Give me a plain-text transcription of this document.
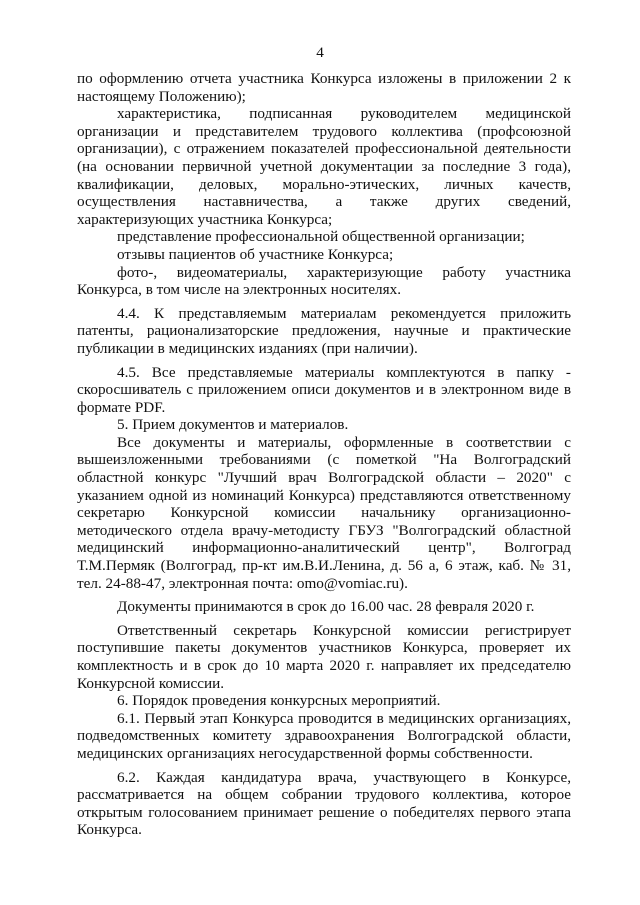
4

по оформлению отчета участника Конкурса изложены в приложении 2 к настоящему Положению);

характеристика, подписанная руководителем медицинской организации и представителем трудового коллектива (профсоюзной организации), с отражением показателей профессиональной деятельности (на основании первичной учетной документации за последние 3 года), квалификации, деловых, морально-этических, личных качеств, осуществления наставничества, а также других сведений, характеризующих участника Конкурса;

представление профессиональной общественной организации;

отзывы пациентов об участнике Конкурса;

фото-, видеоматериалы, характеризующие работу участника Конкурса, в том числе на электронных носителях.

4.4. К представляемым материалам рекомендуется приложить патенты, рационализаторские предложения, научные и практические публикации в медицинских изданиях (при наличии).

4.5. Все представляемые материалы комплектуются в папку - скоросшиватель с приложением описи документов и в электронном виде в формате PDF.

5. Прием документов и материалов.

Все документы и материалы, оформленные в соответствии с вышеизложенными требованиями (с пометкой "На Волгоградский областной конкурс "Лучший врач Волгоградской области – 2020" с указанием одной из номинаций Конкурса) представляются ответственному секретарю Конкурсной комиссии начальнику организационно-методического отдела врачу-методисту ГБУЗ "Волгоградский областной медицинский информационно-аналитический центр", Волгоград Т.М.Пермяк (Волгоград, пр-кт им.В.И.Ленина, д. 56 а, 6 этаж, каб. № 31, тел. 24-88-47, электронная почта: omo@vomiac.ru).

Документы принимаются в срок до 16.00 час. 28 февраля 2020 г.

Ответственный секретарь Конкурсной комиссии регистрирует поступившие пакеты документов участников Конкурса, проверяет их комплектность и в срок до 10 марта 2020 г. направляет их председателю Конкурсной комиссии.

6. Порядок проведения конкурсных мероприятий.

6.1. Первый этап Конкурса проводится в медицинских организациях, подведомственных комитету здравоохранения Волгоградской области, медицинских организациях негосударственной формы собственности.

6.2. Каждая кандидатура врача, участвующего в Конкурсе, рассматривается на общем собрании трудового коллектива, которое открытым голосованием принимает решение о победителях первого этапа Конкурса.
